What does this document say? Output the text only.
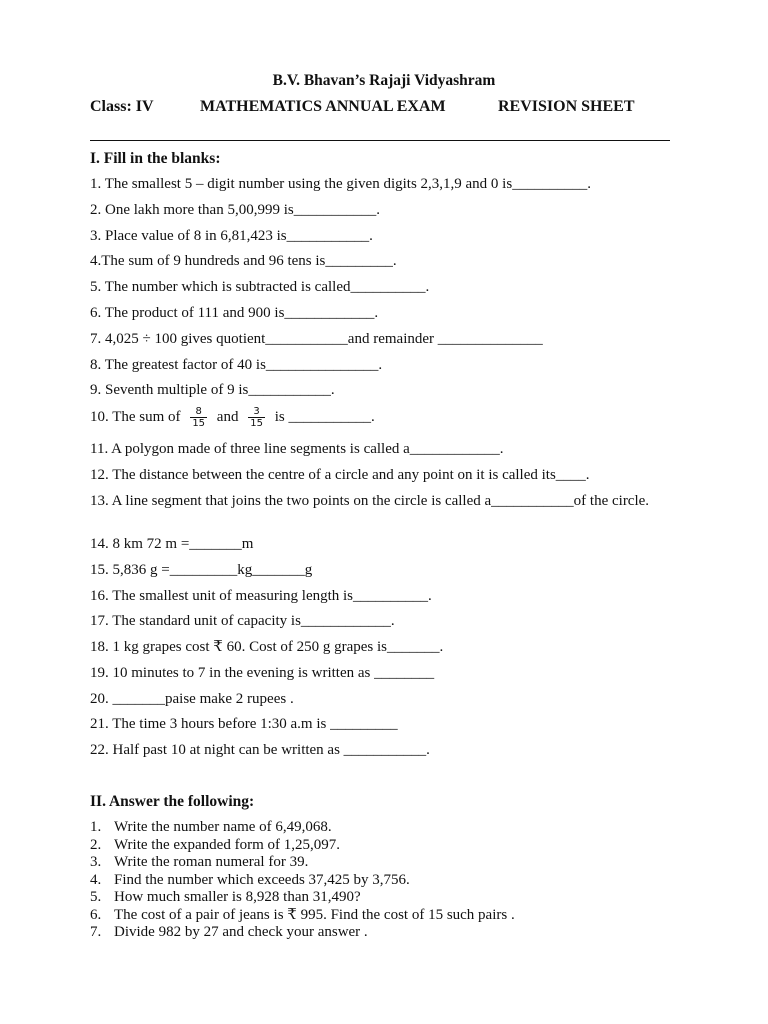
B.V. Bhavan’s Rajaji Vidyashram
Class: IV	MATHEMATICS ANNUAL EXAM	REVISION SHEET
I. Fill in the blanks:
1. The smallest 5 – digit number using the given digits 2,3,1,9 and 0 is__________.
2. One lakh more than 5,00,999 is___________.
3. Place value of 8 in 6,81,423 is___________.
4.The sum of 9 hundreds and 96 tens is_________.
5. The number which is subtracted is called__________.
6. The product of 111 and 900 is____________.
7. 4,025 ÷ 100 gives quotient___________and remainder ______________
8. The greatest factor of 40 is_______________.
9. Seventh multiple of 9 is___________.
10. The sum of $\frac{8}{15}$ and $\frac{3}{15}$ is ___________.
11. A polygon made of three line segments is called a____________.
12. The distance between the centre of a circle and any point on it is called its____.
13. A line segment that joins the two points on the circle is called a___________of the circle.
14. 8 km 72 m =_______m
15. 5,836 g =_________kg_______g
16. The smallest unit of measuring length is__________.
17. The standard unit of capacity is____________.
18. 1 kg grapes cost ₹ 60. Cost of 250 g grapes is_______.
19. 10 minutes to 7 in the evening is written as ________
20. _______paise make 2 rupees .
21. The time 3 hours before 1:30 a.m is _________
22. Half past 10 at night can be written as ___________.
II. Answer the following:
1. Write the number name of 6,49,068.
2. Write the expanded form of 1,25,097.
3. Write the roman numeral for 39.
4. Find the number which exceeds 37,425 by 3,756.
5. How much smaller is 8,928 than 31,490?
6. The cost of a pair of jeans is ₹ 995. Find the cost of 15 such pairs .
7. Divide 982 by 27 and check your answer .
